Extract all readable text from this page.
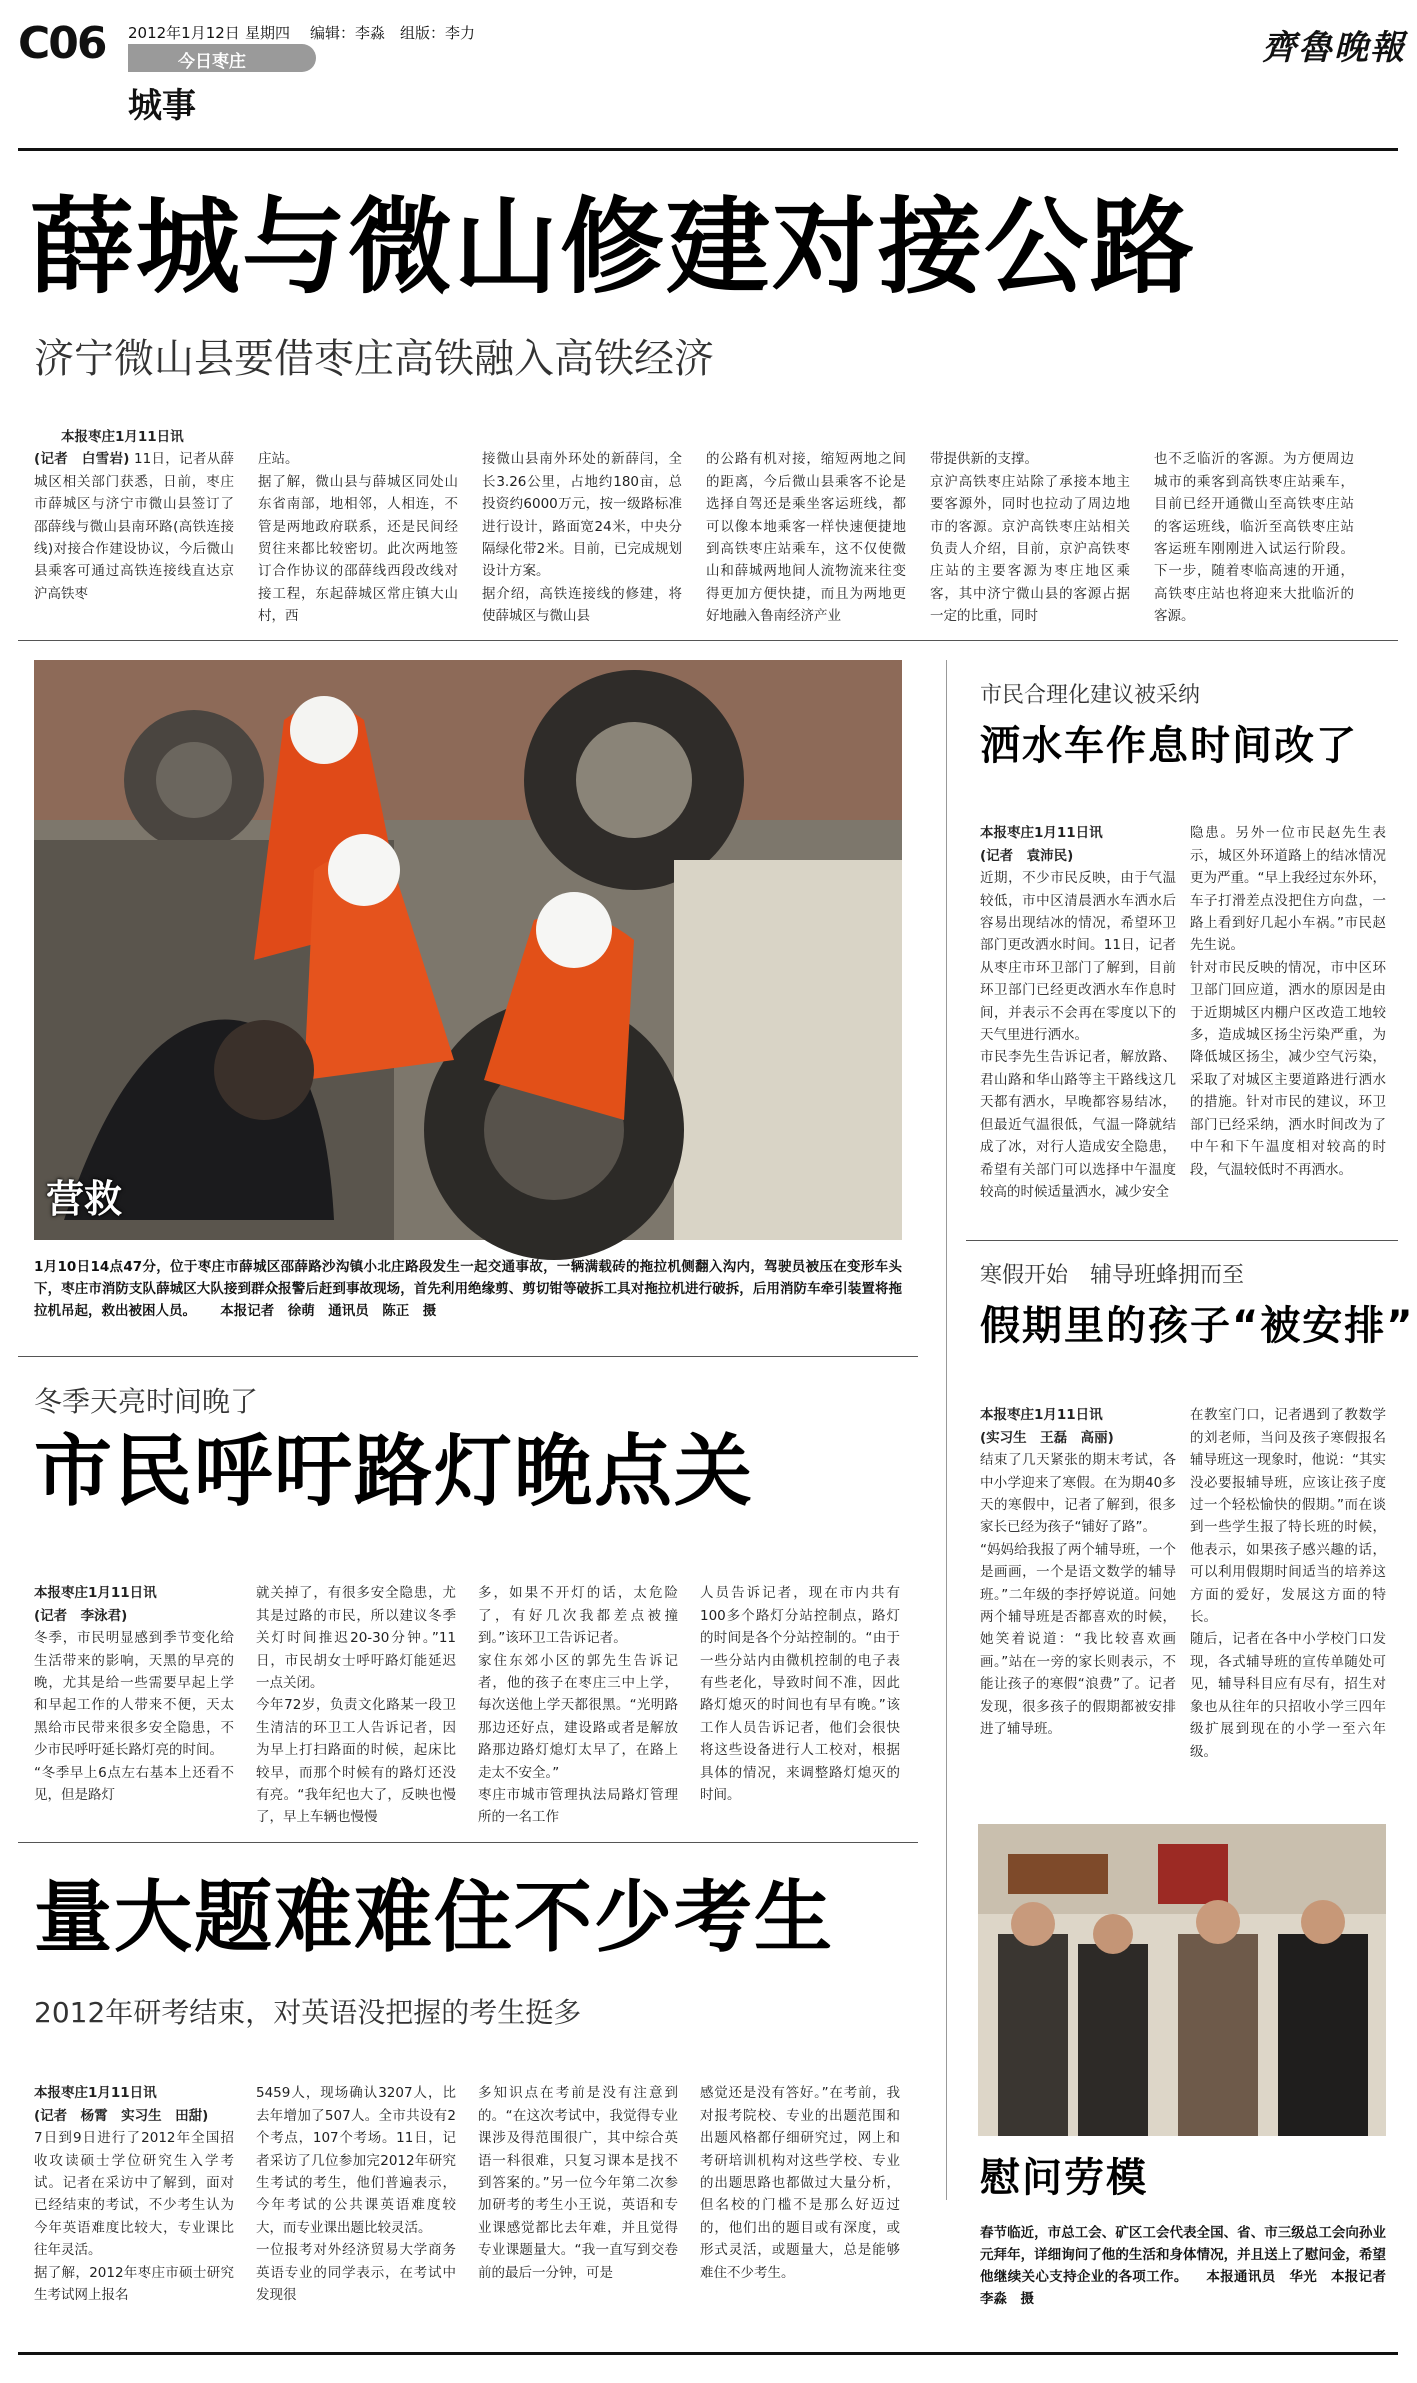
C06 2012年1月12日 星期四 编辑：李淼 组版：李力
今日枣庄
城事
齊魯晚報
薛城与微山修建对接公路
济宁微山县要借枣庄高铁融入高铁经济

本报枣庄1月11日讯

(记者　白雪岩) 11日，记者从薛城区相关部门获悉，日前，枣庄市薛城区与济宁市微山县签订了邵薛线与微山县南环路(高铁连接线)对接合作建设协议，今后微山县乘客可通过高铁连接线直达京沪高铁枣

庄站。
据了解，微山县与薛城区同处山东省南部，地相邻，人相连，不管是两地政府联系，还是民间经贸往来都比较密切。此次两地签订合作协议的邵薛线西段改线对接工程，东起薛城区常庄镇大山村，西

接微山县南外环处的新薛闫，全长3.26公里，占地约180亩，总投资约6000万元，按一级路标准进行设计，路面宽24米，中央分隔绿化带2米。目前，已完成规划设计方案。
据介绍，高铁连接线的修建，将使薛城区与微山县

的公路有机对接，缩短两地之间的距离，今后微山县乘客不论是选择自驾还是乘坐客运班线，都可以像本地乘客一样快速便捷地到高铁枣庄站乘车，这不仅使微山和薛城两地间人流物流来往变得更加方便快捷，而且为两地更好地融入鲁南经济产业

带提供新的支撑。
京沪高铁枣庄站除了承接本地主要客源外，同时也拉动了周边地市的客源。京沪高铁枣庄站相关负责人介绍，目前，京沪高铁枣庄站的主要客源为枣庄地区乘客，其中济宁微山县的客源占据一定的比重，同时

也不乏临沂的客源。为方便周边城市的乘客到高铁枣庄站乘车，目前已经开通微山至高铁枣庄站的客运班线，临沂至高铁枣庄站客运班车刚刚进入试运行阶段。下一步，随着枣临高速的开通，高铁枣庄站也将迎来大批临沂的客源。

营救
1月10日14点47分，位于枣庄市薛城区邵薛路沙沟镇小北庄路段发生一起交通事故，一辆满载砖的拖拉机侧翻入沟内，驾驶员被压在变形车头下，枣庄市消防支队薛城区大队接到群众报警后赶到事故现场，首先利用绝缘剪、剪切钳等破拆工具对拖拉机进行破拆，后用消防车牵引装置将拖拉机吊起，救出被困人员。 本报记者　徐萌　通讯员　陈正　摄
市民合理化建议被采纳
洒水车作息时间改了

本报枣庄1月11日讯
(记者　袁沛民)
近期，不少市民反映，由于气温较低，市中区清晨洒水车洒水后容易出现结冰的情况，希望环卫部门更改洒水时间。11日，记者从枣庄市环卫部门了解到，目前环卫部门已经更改洒水车作息时间，并表示不会再在零度以下的天气里进行洒水。
市民李先生告诉记者，解放路、君山路和华山路等主干路线这几天都有洒水，早晚都容易结冰，但最近气温很低，气温一降就结成了冰，对行人造成安全隐患，希望有关部门可以选择中午温度较高的时候适量洒水，减少安全

隐患。另外一位市民赵先生表示，城区外环道路上的结冰情况更为严重。“早上我经过东外环，车子打滑差点没把住方向盘，一路上看到好几起小车祸。”市民赵先生说。
针对市民反映的情况，市中区环卫部门回应道，洒水的原因是由于近期城区内棚户区改造工地较多，造成城区扬尘污染严重，为降低城区扬尘，减少空气污染，采取了对城区主要道路进行洒水的措施。针对市民的建议，环卫部门已经采纳，洒水时间改为了中午和下午温度相对较高的时段，气温较低时不再洒水。

寒假开始　辅导班蜂拥而至
假期里的孩子“被安排”

本报枣庄1月11日讯
(实习生　王磊　高丽)
结束了几天紧张的期末考试，各中小学迎来了寒假。在为期40多天的寒假中，记者了解到，很多家长已经为孩子“铺好了路”。
“妈妈给我报了两个辅导班，一个是画画，一个是语文数学的辅导班。”二年级的李抒婷说道。问她两个辅导班是否都喜欢的时候，她笑着说道：“我比较喜欢画画。”站在一旁的家长则表示，不能让孩子的寒假“浪费”了。记者发现，很多孩子的假期都被安排进了辅导班。

在教室门口，记者遇到了教数学的刘老师，当问及孩子寒假报名辅导班这一现象时，他说：“其实没必要报辅导班，应该让孩子度过一个轻松愉快的假期。”而在谈到一些学生报了特长班的时候，他表示，如果孩子感兴趣的话，可以利用假期时间适当的培养这方面的爱好，发展这方面的特长。
随后，记者在各中小学校门口发现，各式辅导班的宣传单随处可见，辅导科目应有尽有，招生对象也从往年的只招收小学三四年级扩展到现在的小学一至六年级。

慰问劳模
春节临近，市总工会、矿区工会代表全国、省、市三级总工会向孙业元拜年，详细询问了他的生活和身体情况，并且送上了慰问金，希望他继续关心支持企业的各项工作。 本报通讯员　华光　本报记者　李淼　摄
冬季天亮时间晚了
市民呼吁路灯晚点关

本报枣庄1月11日讯
(记者　李泳君)
冬季，市民明显感到季节变化给生活带来的影响，天黑的早亮的晚，尤其是给一些需要早起上学和早起工作的人带来不便，天太黑给市民带来很多安全隐患，不少市民呼吁延长路灯亮的时间。
“冬季早上6点左右基本上还看不见，但是路灯

就关掉了，有很多安全隐患，尤其是过路的市民，所以建议冬季关灯时间推迟20-30分钟。”11日，市民胡女士呼吁路灯能延迟一点关闭。
今年72岁，负责文化路某一段卫生清洁的环卫工人告诉记者，因为早上打扫路面的时候，起床比较早，而那个时候有的路灯还没有亮。“我年纪也大了，反映也慢了，早上车辆也慢慢

多，如果不开灯的话，太危险了，有好几次我都差点被撞到。”该环卫工告诉记者。
家住东郊小区的郭先生告诉记者，他的孩子在枣庄三中上学，每次送他上学天都很黑。“光明路那边还好点，建设路或者是解放路那边路灯熄灯太早了，在路上走太不安全。”
枣庄市城市管理执法局路灯管理所的一名工作

人员告诉记者，现在市内共有100多个路灯分站控制点，路灯的时间是各个分站控制的。“由于一些分站内由微机控制的电子表有些老化，导致时间不准，因此路灯熄灭的时间也有早有晚。”该工作人员告诉记者，他们会很快将这些设备进行人工校对，根据具体的情况，来调整路灯熄灭的时间。

量大题难难住不少考生
2012年研考结束，对英语没把握的考生挺多

本报枣庄1月11日讯
(记者　杨霄　实习生　田甜)
7日到9日进行了2012年全国招收攻读硕士学位研究生入学考试。记者在采访中了解到，面对已经结束的考试，不少考生认为今年英语难度比较大，专业课比往年灵活。
据了解，2012年枣庄市硕士研究生考试网上报名

5459人，现场确认3207人，比去年增加了507人。全市共设有2个考点，107个考场。11日，记者采访了几位参加完2012年研究生考试的考生，他们普遍表示，今年考试的公共课英语难度较大，而专业课出题比较灵活。
一位报考对外经济贸易大学商务英语专业的同学表示，在考试中发现很

多知识点在考前是没有注意到的。“在这次考试中，我觉得专业课涉及得范围很广，其中综合英语一科很难，只复习课本是找不到答案的。”另一位今年第二次参加研考的考生小王说，英语和专业课感觉都比去年难，并且觉得专业课题量大。“我一直写到交卷前的最后一分钟，可是

感觉还是没有答好。”在考前，我对报考院校、专业的出题范围和出题风格都仔细研究过，网上和考研培训机构对这些学校、专业的出题思路也都做过大量分析，但名校的门槛不是那么好迈过的，他们出的题目或有深度，或形式灵活，或题量大，总是能够难住不少考生。
